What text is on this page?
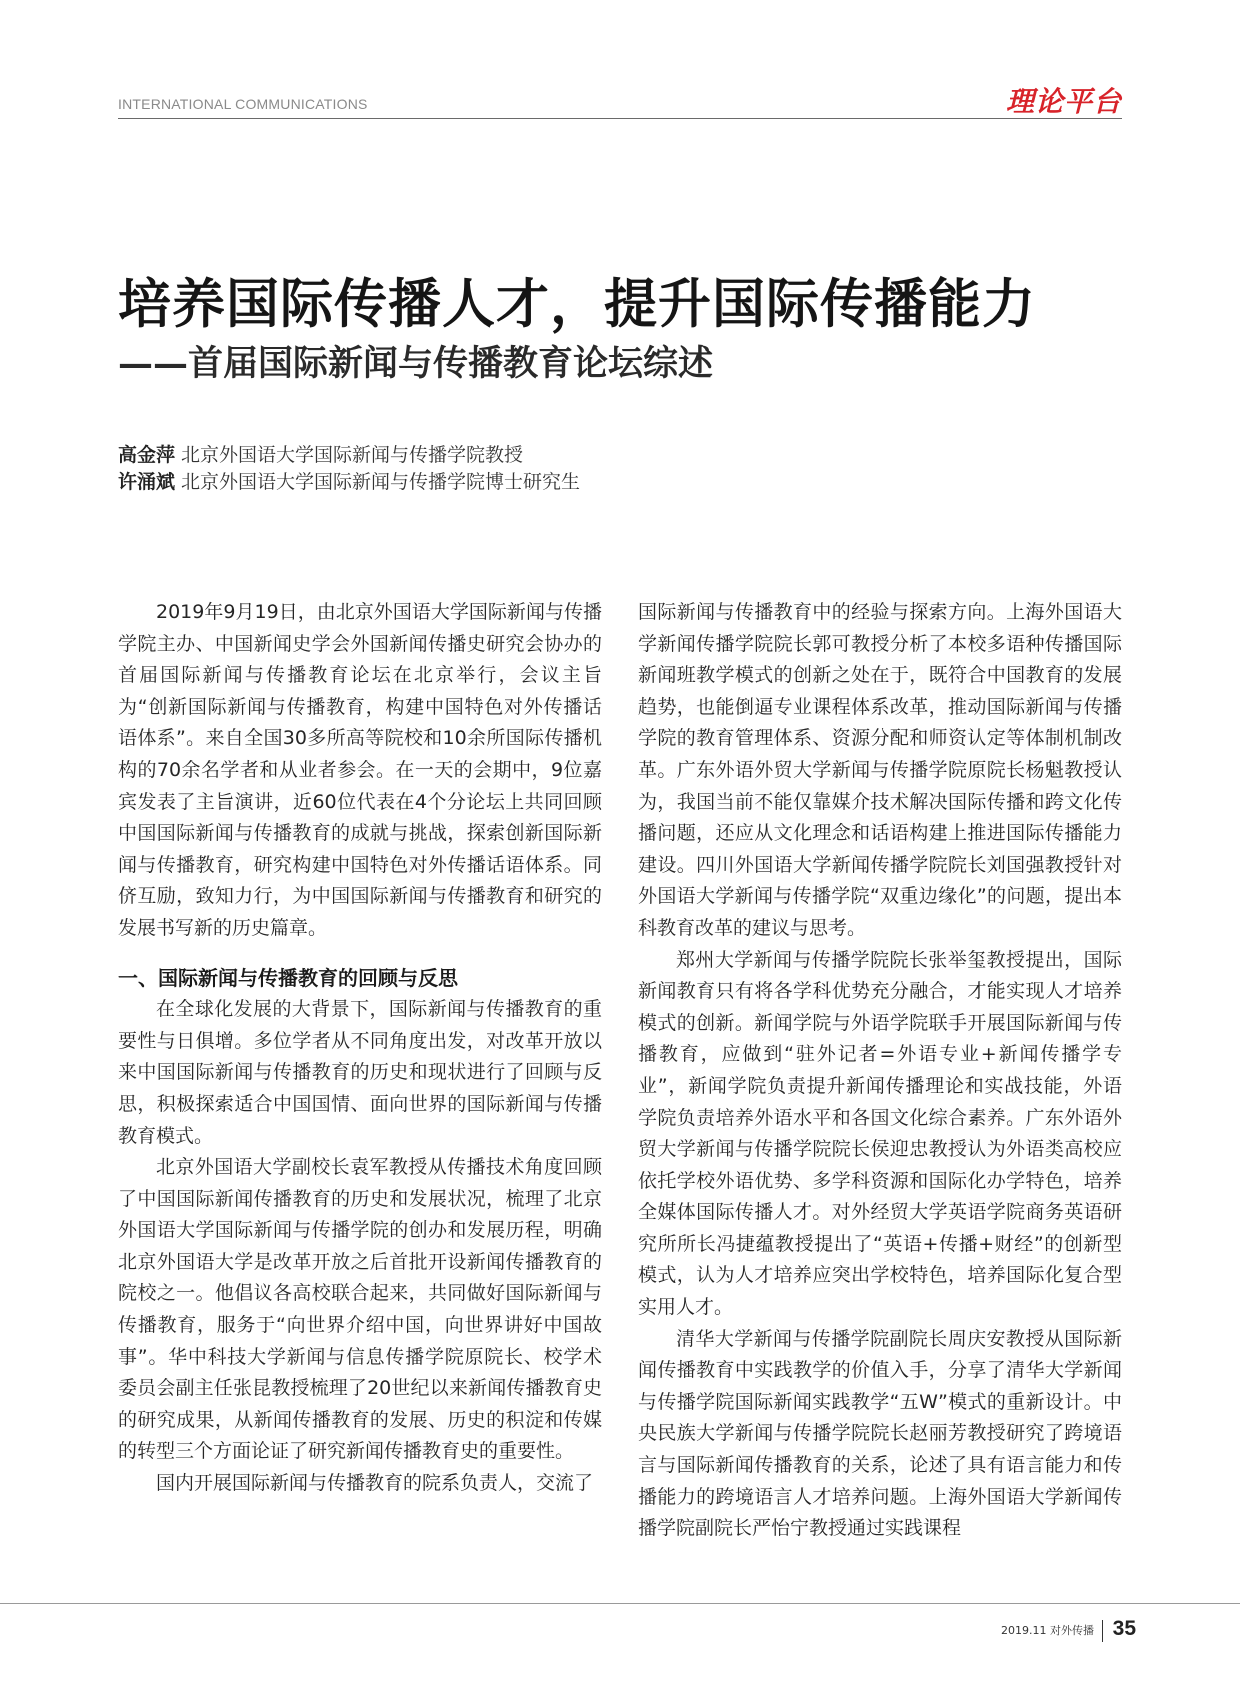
INTERNATIONAL COMMUNICATIONS	理论平台
培养国际传播人才，提升国际传播能力
——首届国际新闻与传播教育论坛综述
高金萍 北京外国语大学国际新闻与传播学院教授
许涌斌 北京外国语大学国际新闻与传播学院博士研究生

2019年9月19日，由北京外国语大学国际新闻与传播学院主办、中国新闻史学会外国新闻传播史研究会协办的首届国际新闻与传播教育论坛在北京举行，会议主旨为“创新国际新闻与传播教育，构建中国特色对外传播话语体系”。来自全国30多所高等院校和10余所国际传播机构的70余名学者和从业者参会。在一天的会期中，9位嘉宾发表了主旨演讲，近60位代表在4个分论坛上共同回顾中国国际新闻与传播教育的成就与挑战，探索创新国际新闻与传播教育，研究构建中国特色对外传播话语体系。同侪互励，致知力行，为中国国际新闻与传播教育和研究的发展书写新的历史篇章。

一、国际新闻与传播教育的回顾与反思

在全球化发展的大背景下，国际新闻与传播教育的重要性与日俱增。多位学者从不同角度出发，对改革开放以来中国国际新闻与传播教育的历史和现状进行了回顾与反思，积极探索适合中国国情、面向世界的国际新闻与传播教育模式。

北京外国语大学副校长袁军教授从传播技术角度回顾了中国国际新闻传播教育的历史和发展状况，梳理了北京外国语大学国际新闻与传播学院的创办和发展历程，明确北京外国语大学是改革开放之后首批开设新闻传播教育的院校之一。他倡议各高校联合起来，共同做好国际新闻与传播教育，服务于“向世界介绍中国，向世界讲好中国故事”。华中科技大学新闻与信息传播学院原院长、校学术委员会副主任张昆教授梳理了20世纪以来新闻传播教育史的研究成果，从新闻传播教育的发展、历史的积淀和传媒的转型三个方面论证了研究新闻传播教育史的重要性。

国内开展国际新闻与传播教育的院系负责人，交流了

国际新闻与传播教育中的经验与探索方向。上海外国语大学新闻传播学院院长郭可教授分析了本校多语种传播国际新闻班教学模式的创新之处在于，既符合中国教育的发展趋势，也能倒逼专业课程体系改革，推动国际新闻与传播学院的教育管理体系、资源分配和师资认定等体制机制改革。广东外语外贸大学新闻与传播学院原院长杨魁教授认为，我国当前不能仅靠媒介技术解决国际传播和跨文化传播问题，还应从文化理念和话语构建上推进国际传播能力建设。四川外国语大学新闻传播学院院长刘国强教授针对外国语大学新闻与传播学院“双重边缘化”的问题，提出本科教育改革的建议与思考。

郑州大学新闻与传播学院院长张举玺教授提出，国际新闻教育只有将各学科优势充分融合，才能实现人才培养模式的创新。新闻学院与外语学院联手开展国际新闻与传播教育，应做到“驻外记者=外语专业+新闻传播学专业”，新闻学院负责提升新闻传播理论和实战技能，外语学院负责培养外语水平和各国文化综合素养。广东外语外贸大学新闻与传播学院院长侯迎忠教授认为外语类高校应依托学校外语优势、多学科资源和国际化办学特色，培养全媒体国际传播人才。对外经贸大学英语学院商务英语研究所所长冯捷蕴教授提出了“英语+传播+财经”的创新型模式，认为人才培养应突出学校特色，培养国际化复合型实用人才。

清华大学新闻与传播学院副院长周庆安教授从国际新闻传播教育中实践教学的价值入手，分享了清华大学新闻与传播学院国际新闻实践教学“五W”模式的重新设计。中央民族大学新闻与传播学院院长赵丽芳教授研究了跨境语言与国际新闻传播教育的关系，论述了具有语言能力和传播能力的跨境语言人才培养问题。上海外国语大学新闻传播学院副院长严怡宁教授通过实践课程

2019.11 对外传播 35
